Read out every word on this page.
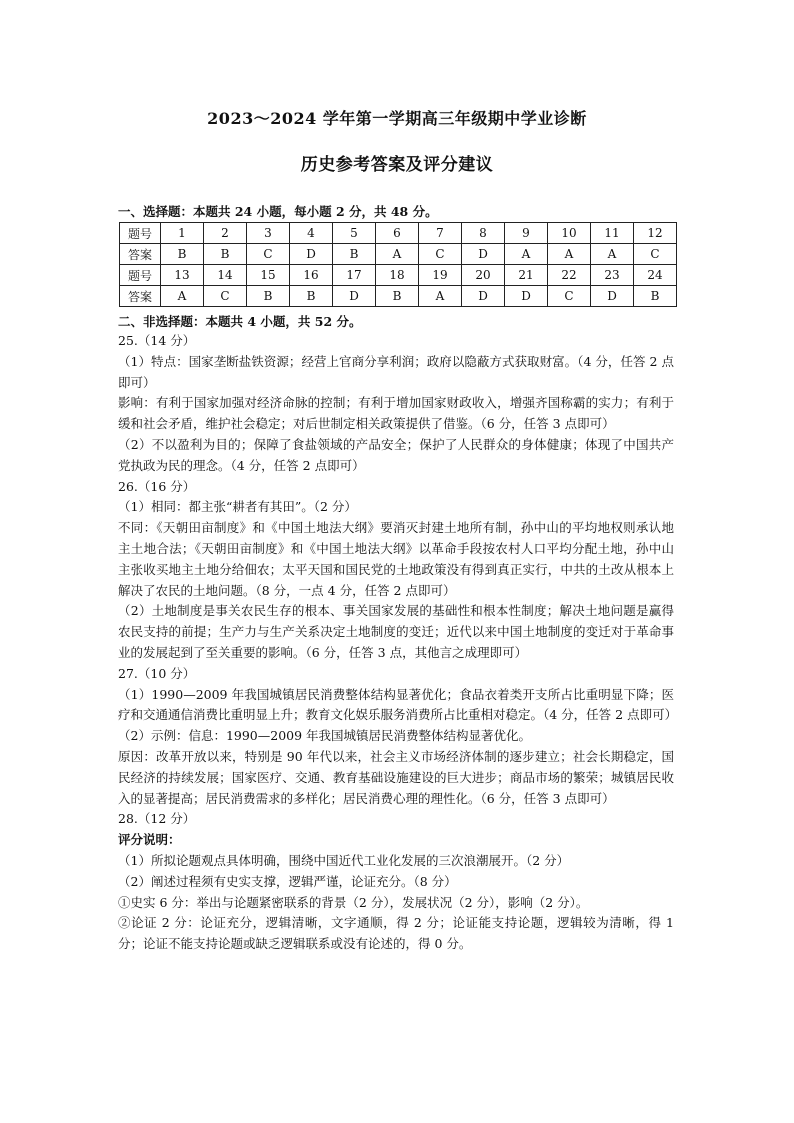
2023～2024 学年第一学期高三年级期中学业诊断
历史参考答案及评分建议
一、选择题：本题共 24 小题，每小题 2 分，共 48 分。
题号	1	2	3	4	5	6	7	8	9	10	11	12
答案	B	B	C	D	B	A	C	D	A	A	A	C
题号	13	14	15	16	17	18	19	20	21	22	23	24
答案	A	C	B	B	D	B	A	D	D	C	D	B
二、非选择题：本题共 4 小题，共 52 分。

25.（14 分）

（1）特点：国家垄断盐铁资源；经营上官商分享利润；政府以隐蔽方式获取财富。（4 分，任答 2 点即可）

影响：有利于国家加强对经济命脉的控制；有利于增加国家财政收入，增强齐国称霸的实力；有利于缓和社会矛盾，维护社会稳定；对后世制定相关政策提供了借鉴。（6 分，任答 3 点即可）

（2）不以盈利为目的；保障了食盐领域的产品安全；保护了人民群众的身体健康；体现了中国共产党执政为民的理念。（4 分，任答 2 点即可）

26.（16 分）

（1）相同：都主张“耕者有其田”。（2 分）

不同：《天朝田亩制度》和《中国土地法大纲》要消灭封建土地所有制，孙中山的平均地权则承认地主土地合法；《天朝田亩制度》和《中国土地法大纲》以革命手段按农村人口平均分配土地，孙中山主张收买地主土地分给佃农；太平天国和国民党的土地政策没有得到真正实行，中共的土改从根本上解决了农民的土地问题。（8 分，一点 4 分，任答 2 点即可）

（2）土地制度是事关农民生存的根本、事关国家发展的基础性和根本性制度；解决土地问题是赢得农民支持的前提；生产力与生产关系决定土地制度的变迁；近代以来中国土地制度的变迁对于革命事业的发展起到了至关重要的影响。（6 分，任答 3 点，其他言之成理即可）

27.（10 分）

（1）1990—2009 年我国城镇居民消费整体结构显著优化；食品衣着类开支所占比重明显下降；医疗和交通通信消费比重明显上升；教育文化娱乐服务消费所占比重相对稳定。（4 分，任答 2 点即可）

（2）示例：信息：1990—2009 年我国城镇居民消费整体结构显著优化。

原因：改革开放以来，特别是 90 年代以来，社会主义市场经济体制的逐步建立；社会长期稳定，国民经济的持续发展；国家医疗、交通、教育基础设施建设的巨大进步；商品市场的繁荣；城镇居民收入的显著提高；居民消费需求的多样化；居民消费心理的理性化。（6 分，任答 3 点即可）

28.（12 分）

评分说明：

（1）所拟论题观点具体明确，围绕中国近代工业化发展的三次浪潮展开。（2 分）

（2）阐述过程须有史实支撑，逻辑严谨，论证充分。（8 分）

①史实 6 分：举出与论题紧密联系的背景（2 分），发展状况（2 分），影响（2 分）。

②论证 2 分：论证充分，逻辑清晰，文字通顺，得 2 分；论证能支持论题，逻辑较为清晰，得 1 分；论证不能支持论题或缺乏逻辑联系或没有论述的，得 0 分。
